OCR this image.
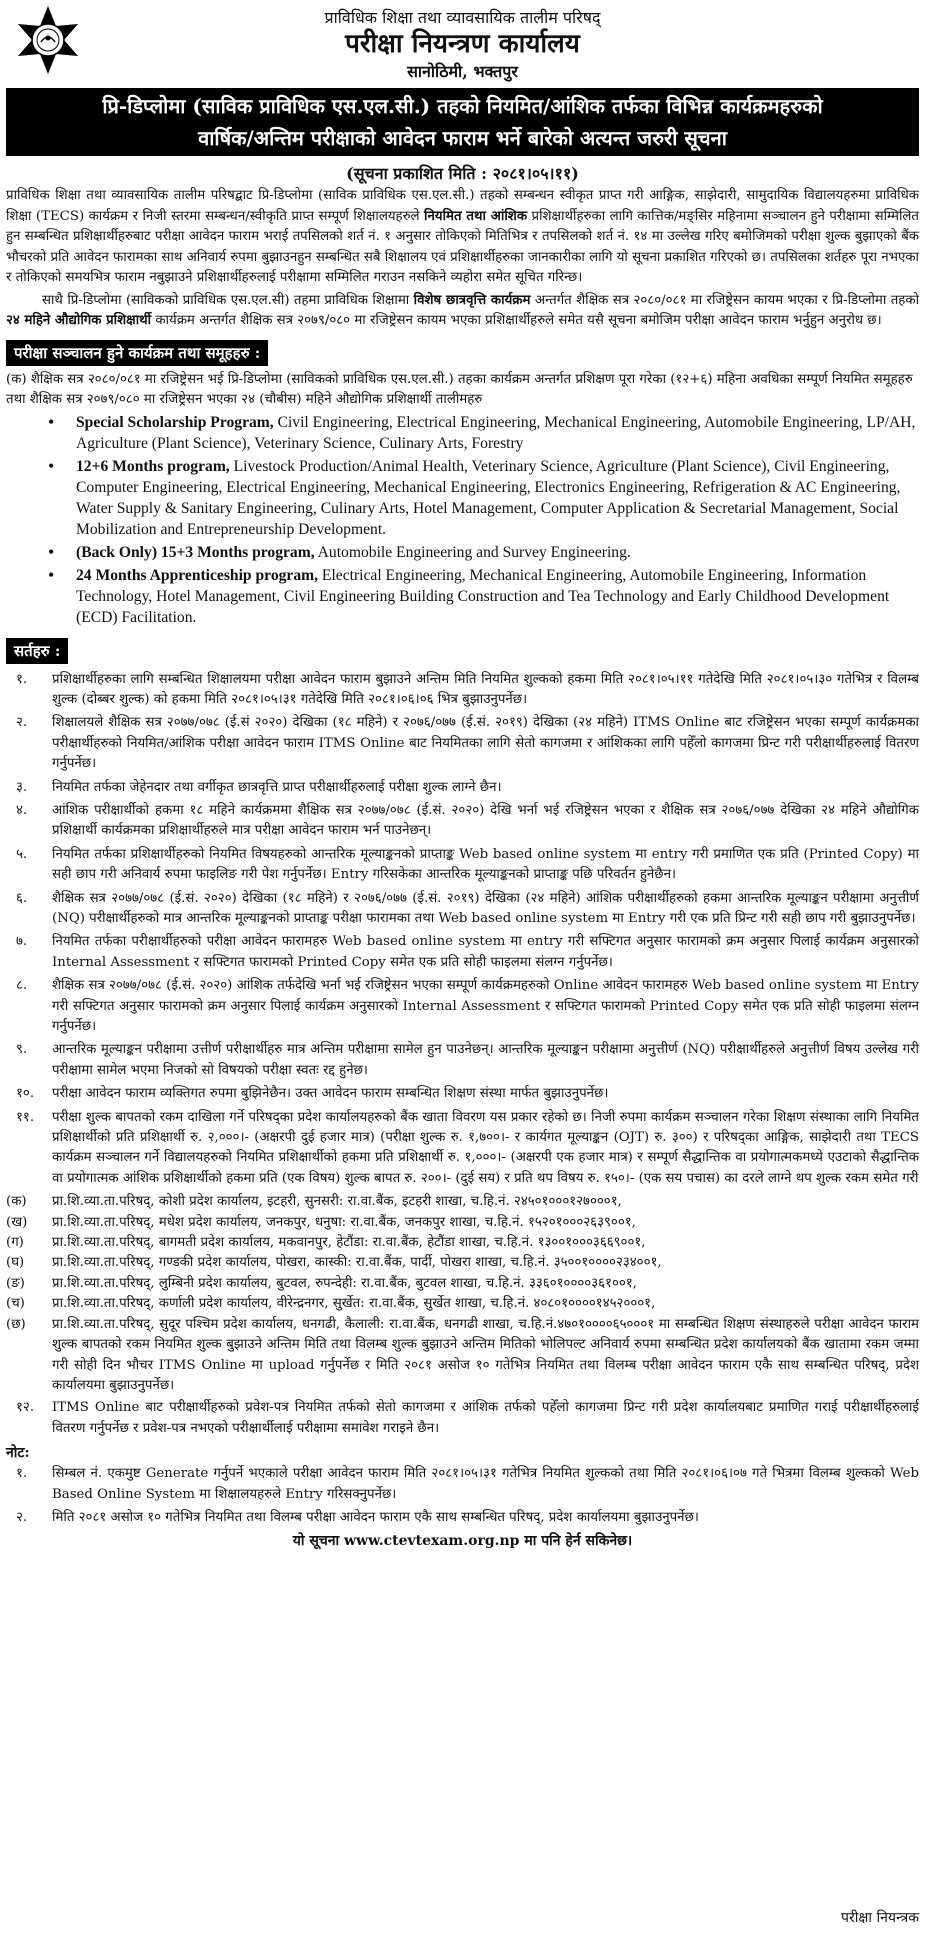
प्राविधिक शिक्षा तथा व्यावसायिक तालीम परिषद्
परीक्षा नियन्त्रण कार्यालय
सानोठिमी, भक्तपुर
प्रि-डिप्लोमा (साविक प्राविधिक एस.एल.सी.) तहको नियमित/आंशिक तर्फका विभिन्न कार्यक्रमहरुको
वार्षिक/अन्तिम परीक्षाको आवेदन फाराम भर्ने बारेको अत्यन्त जरुरी सूचना
(सूचना प्रकाशित मिति : २०८१।०५।११)

प्राविधिक शिक्षा तथा व्यावसायिक तालीम परिषद्बाट प्रि-डिप्लोमा (साविक प्राविधिक एस.एल.सी.) तहको सम्बन्धन स्वीकृत प्राप्त गरी आङ्गिक, साझेदारी, सामुदायिक विद्यालयहरुमा प्राविधिक शिक्षा (TECS) कार्यक्रम र निजी स्तरमा सम्बन्धन/स्वीकृति प्राप्त सम्पूर्ण शिक्षालयहरुले नियमित तथा आंशिक प्रशिक्षार्थीहरुका लागि कात्तिक/मङ्सिर महिनामा सञ्चालन हुने परीक्षामा सम्मिलित हुन सम्बन्धित प्रशिक्षार्थीहरुबाट परीक्षा आवेदन फाराम भराई तपसिलको शर्त नं. १ अनुसार तोकिएको मितिभित्र र तपसिलको शर्त नं. १४ मा उल्लेख गरिए बमोजिमको परीक्षा शुल्क बुझाएको बैंक भौचरको प्रति आवेदन फारामका साथ अनिवार्य रुपमा बुझाउनहुन सम्बन्धित सबै शिक्षालय एवं प्रशिक्षार्थीहरुका जानकारीका लागि यो सूचना प्रकाशित गरिएको छ। तपसिलका शर्तहरु पूरा नभएका र तोकिएको समयभित्र फाराम नबुझाउने प्रशिक्षार्थीहरुलाई परीक्षामा सम्मिलित गराउन नसकिने व्यहोरा समेत सूचित गरिन्छ।

साथै प्रि-डिप्लोमा (साविकको प्राविधिक एस.एल.सी) तहमा प्राविधिक शिक्षामा विशेष छात्रवृत्ति कार्यक्रम अन्तर्गत शैक्षिक सत्र २०८०/०८१ मा रजिष्ट्रेसन कायम भएका र प्रि-डिप्लोमा तहको २४ महिने औद्योगिक प्रशिक्षार्थी कार्यक्रम अन्तर्गत शैक्षिक सत्र २०७९/०८० मा रजिष्ट्रेसन कायम भएका प्रशिक्षार्थीहरुले समेत यसै सूचना बमोजिम परीक्षा आवेदन फाराम भर्नुहुन अनुरोध छ।

परीक्षा सञ्चालन हुने कार्यक्रम तथा समूहहरु :
(क) शैक्षिक सत्र २०८०/०८१ मा रजिष्ट्रेसन भई प्रि-डिप्लोमा (साविकको प्राविधिक एस.एल.सी.) तहका कार्यक्रम अन्तर्गत प्रशिक्षण पूरा गरेका (१२+६) महिना अवधिका सम्पूर्ण नियमित समूहहरु तथा शैक्षिक सत्र २०७९/०८० मा रजिष्ट्रेसन भएका २४ (चौबीस) महिने औद्योगिक प्रशिक्षार्थी तालीमहरु
• Special Scholarship Program, Civil Engineering, Electrical Engineering, Mechanical Engineering, Automobile Engineering, LP/AH, Agriculture (Plant Science), Veterinary Science, Culinary Arts, Forestry
• 12+6 Months program, Livestock Production/Animal Health, Veterinary Science, Agriculture (Plant Science), Civil Engineering, Computer Engineering, Electrical Engineering, Mechanical Engineering, Electronics Engineering, Refrigeration & AC Engineering, Water Supply & Sanitary Engineering, Culinary Arts, Hotel Management, Computer Application & Secretarial Management, Social Mobilization and Entrepreneurship Development.
• (Back Only) 15+3 Months program, Automobile Engineering and Survey Engineering.
• 24 Months Apprenticeship program, Electrical Engineering, Mechanical Engineering, Automobile Engineering, Information Technology, Hotel Management, Civil Engineering Building Construction and Tea Technology and Early Childhood Development (ECD) Facilitation.
सर्तहरु :
१. प्रशिक्षार्थीहरुका लागि सम्बन्धित शिक्षालयमा परीक्षा आवेदन फाराम बुझाउने अन्तिम मिति नियमित शुल्कको हकमा मिति २०८१।०५।११ गतेदेखि मिति २०८१।०५।३० गतेभित्र र विलम्ब शुल्क (दोब्बर शुल्क) को हकमा मिति २०८१।०५।३१ गतेदेखि मिति २०८१।०६।०६ भित्र बुझाउनुपर्नेछ।
२. शिक्षालयले शैक्षिक सत्र २०७७/०७८ (ई.सं २०२०) देखिका (१८ महिने) र २०७६/०७७ (ई.सं. २०१९) देखिका (२४ महिने) ITMS Online बाट रजिष्ट्रेसन भएका सम्पूर्ण कार्यक्रमका परीक्षार्थीहरुको नियमित/आंशिक परीक्षा आवेदन फाराम ITMS Online बाट नियमितका लागि सेतो कागजमा र आंशिकका लागि पहेँलो कागजमा प्रिन्ट गरी परीक्षार्थीहरुलाई वितरण गर्नुपर्नेछ।
३. नियमित तर्फका जेहेनदार तथा वर्गीकृत छात्रवृत्ति प्राप्त परीक्षार्थीहरुलाई परीक्षा शुल्क लाग्ने छैन।
४. आंशिक परीक्षार्थीको हकमा १८ महिने कार्यक्रममा शैक्षिक सत्र २०७७/०७८ (ई.सं. २०२०) देखि भर्ना भई रजिष्ट्रेसन भएका र शैक्षिक सत्र २०७६/०७७ देखिका २४ महिने औद्योगिक प्रशिक्षार्थी कार्यक्रमका प्रशिक्षार्थीहरुले मात्र परीक्षा आवेदन फाराम भर्न पाउनेछन्।
५. नियमित तर्फका प्रशिक्षार्थीहरुको नियमित विषयहरुको आन्तरिक मूल्याङ्कनको प्राप्ताङ्क Web based online system मा entry गरी प्रमाणित एक प्रति (Printed Copy) मा सही छाप गरी अनिवार्य रुपमा फाइलिङ गरी पेश गर्नुपर्नेछ। Entry गरिसकेका आन्तरिक मूल्याङ्कनको प्राप्ताङ्क पछि परिवर्तन हुनेछैन।
६. शैक्षिक सत्र २०७७/०७८ (ई.सं. २०२०) देखिका (१८ महिने) र २०७६/०७७ (ई.सं. २०१९) देखिका (२४ महिने) आंशिक परीक्षार्थीहरुको हकमा आन्तरिक मूल्याङ्कन परीक्षामा अनुत्तीर्ण (NQ) परीक्षार्थीहरुको मात्र आन्तरिक मूल्याङ्कनको प्राप्ताङ्क परीक्षा फारामका तथा Web based online system मा Entry गरी एक प्रति प्रिन्ट गरी सही छाप गरी बुझाउनुपर्नेछ।
७. नियमित तर्फका परीक्षार्थीहरुको परीक्षा आवेदन फारामहरु Web based online system मा entry गरी सफ्टिगत अनुसार फारामको क्रम अनुसार पिलाई कार्यक्रम अनुसारको Internal Assessment र सफ्टिगत फारामको Printed Copy समेत एक प्रति सोही फाइलमा संलग्न गर्नुपर्नेछ।
८. शैक्षिक सत्र २०७७/०७८ (ई.सं. २०२०) आंशिक तर्फदेखि भर्ना भई रजिष्ट्रेसन भएका सम्पूर्ण कार्यक्रमहरुको Online आवेदन फारामहरु Web based online system मा Entry गरी सफ्टिगत अनुसार फारामको क्रम अनुसार पिलाई कार्यक्रम अनुसारको Internal Assessment र सफ्टिगत फारामको Printed Copy समेत एक प्रति सोही फाइलमा संलग्न गर्नुपर्नेछ।
९. आन्तरिक मूल्याङ्कन परीक्षामा उत्तीर्ण परीक्षार्थीहरु मात्र अन्तिम परीक्षामा सामेल हुन पाउनेछन्। आन्तरिक मूल्याङ्कन परीक्षामा अनुत्तीर्ण (NQ) परीक्षार्थीहरुले अनुत्तीर्ण विषय उल्लेख गरी परीक्षामा सामेल भएमा निजको सो विषयको परीक्षा स्वतः रद्द हुनेछ।
१०. परीक्षा आवेदन फाराम व्यक्तिगत रुपमा बुझिनेछैन। उक्त आवेदन फाराम सम्बन्धित शिक्षण संस्था मार्फत बुझाउनुपर्नेछ।
११. परीक्षा शुल्क बापतको रकम दाखिला गर्ने परिषद्का प्रदेश कार्यालयहरुको बैंक खाता विवरण यस प्रकार रहेको छ। निजी रुपमा कार्यक्रम सञ्चालन गरेका शिक्षण संस्थाका लागि नियमित प्रशिक्षार्थीको प्रति प्रशिक्षार्थी रु. २,०००।- (अक्षरपी दुई हजार मात्र) (परीक्षा शुल्क रु. १,७००।- र कार्यगत मूल्याङ्कन (OJT) रु. ३००) र परिषद्का आङ्गिक, साझेदारी तथा TECS कार्यक्रम सञ्चालन गर्ने विद्यालयहरुको नियमित प्रशिक्षार्थीको हकमा प्रति प्रशिक्षार्थी रु. १,०००।- (अक्षरपी एक हजार मात्र) र सम्पूर्ण सैद्धान्तिक वा प्रयोगात्मकमध्ये एउटाको सैद्धान्तिक वा प्रयोगात्मक आंशिक प्रशिक्षार्थीको हकमा प्रति (एक विषय) शुल्क बापत रु. २००।- (दुई सय) र प्रति थप विषय रु. १५०।- (एक सय पचास) का दरले लाग्ने थप शुल्क रकम समेत गरी
(क) प्रा.शि.व्या.ता.परिषद्, कोशी प्रदेश कार्यालय, इटहरी, सुनसरी: रा.वा.बैंक, इटहरी शाखा, च.हि.नं. २४५०१०००१२७०००१,
(ख) प्रा.शि.व्या.ता.परिषद्, मधेश प्रदेश कार्यालय, जनकपुर, धनुषा: रा.वा.बैंक, जनकपुर शाखा, च.हि.नं. १५२०१०००२६३९००१,
(ग) प्रा.शि.व्या.ता.परिषद्, बागमती प्रदेश कार्यालय, मकवानपुर, हेटौंडा: रा.वा.बैंक, हेटौंडा शाखा, च.हि.नं. १३००१०००३६६९००१,
(घ) प्रा.शि.व्या.ता.परिषद्, गण्डकी प्रदेश कार्यालय, पोखरा, कास्की: रा.वा.बैंक, पार्दी, पोखरा शाखा, च.हि.नं. ३५००१००००२३४००१,
(ङ) प्रा.शि.व्या.ता.परिषद्, लुम्बिनी प्रदेश कार्यालय, बुटवल, रुपन्देही: रा.वा.बैंक, बुटवल शाखा, च.हि.नं. ३३६०१००००३६१००१,
(च) प्रा.शि.व्या.ता.परिषद्, कर्णाली प्रदेश कार्यालय, वीरेन्द्रनगर, सुर्खेत: रा.वा.बैंक, सुर्खेत शाखा, च.हि.नं. ४०८०१००००१४५२०००१,
(छ) प्रा.शि.व्या.ता.परिषद्, सुदूर पश्चिम प्रदेश कार्यालय, धनगढी, कैलाली: रा.वा.बैंक, धनगढी शाखा, च.हि.नं.४७०१००००६५०००१ मा सम्बन्धित शिक्षण संस्थाहरुले परीक्षा आवेदन फाराम शुल्क बापतको रकम नियमित शुल्क बुझाउने अन्तिम मिति तथा विलम्ब शुल्क बुझाउने अन्तिम मितिको भोलिपल्ट अनिवार्य रुपमा सम्बन्धित प्रदेश कार्यालयको बैंक खातामा रकम जम्मा गरी सोही दिन भौचर ITMS Online मा upload गर्नुपर्नेछ र मिति २०८१ असोज १० गतेभित्र नियमित तथा विलम्ब परीक्षा आवेदन फाराम एकै साथ सम्बन्धित परिषद्, प्रदेश कार्यालयमा बुझाउनुपर्नेछ।
१२. ITMS Online बाट परीक्षार्थीहरुको प्रवेश-पत्र नियमित तर्फको सेतो कागजमा र आंशिक तर्फको पहेँलो कागजमा प्रिन्ट गरी प्रदेश कार्यालयबाट प्रमाणित गराई परीक्षार्थीहरुलाई वितरण गर्नुपर्नेछ र प्रवेश-पत्र नभएको परीक्षार्थीलाई परीक्षामा समावेश गराइने छैन।
नोट:
१. सिम्बल नं. एकमुष्ट Generate गर्नुपर्ने भएकाले परीक्षा आवेदन फाराम मिति २०८१।०५।३१ गतेभित्र नियमित शुल्कको तथा मिति २०८१।०६।०७ गते भित्रमा विलम्ब शुल्कको Web Based Online System मा शिक्षालयहरुले Entry गरिसक्नुपर्नेछ।
२. मिति २०८१ असोज १० गतेभित्र नियमित तथा विलम्ब परीक्षा आवेदन फाराम एकै साथ सम्बन्धित परिषद्, प्रदेश कार्यालयमा बुझाउनुपर्नेछ।
यो सूचना www.ctevtexam.org.np मा पनि हेर्न सकिनेछ।
परीक्षा नियन्त्रक
